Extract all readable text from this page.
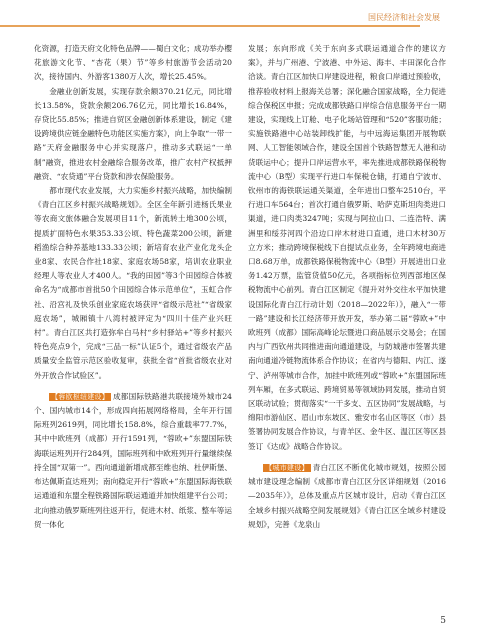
国民经济和社会发展

化资源，打造天府文化特色品牌——蜀白文化；成功举办樱花旅游文化节、“杏花（果）节”等乡村旅游节会活动20次，接待国内、外游客1380万人次，增长25.45%。

金融业创新发展，实现存款余额370.21亿元，同比增长13.58%，贷款余额206.76亿元，同比增长16.84%，存贷比55.85%；推进自贸区金融创新体系建设，制定《建设跨境供应链金融特色功能区实施方案》，向上争取“一带一路”天府金融服务中心并实现落户，推动多式联运“一单制”融资，推进农村金融综合服务改革，推广农村产权抵押融资、“农贷通”平台贷款和涉农保险服务。

都市现代农业发展，大力实施乡村振兴战略，加快编制《青白江区乡村振兴战略规划》。全区全年新引进杨氏果业等农商文旅体融合发展项目11个，新流转土地300公顷，提质扩面特色水果353.33公顷、特色蔬菜200公顷，新建稻渔综合种养基地133.33公顷；新培育农业产业化龙头企业8家、农民合作社18家、家庭农场58家，培训农业职业经理人等农业人才400人。“我的田园”等3个田园综合体被命名为“成都市首批50个田园综合体示范单位”，玉虹合作社、沿宫礼及快乐创业家庭农场获评“省级示范社”“省级家庭农场”，城厢镇十八湾村被评定为“四川十佳产业兴旺村”。青白江区共打造弥牟白马村“乡村驿站+”等乡村振兴特色亮点9个，完成“三品一标”认证5个，通过省级农产品质量安全监管示范区验收复审，获批全省“首批省级农业对外开放合作试验区”。

【蓉欧枢纽建设】 成都国际铁路港共联接境外城市24个、国内城市14个，形成四向拓展网络格局，全年开行国际班列2619列，同比增长158.8%，综合重载率77.7%，其中中欧班列（成都）开行1591列，“蓉欧+”东盟国际铁海联运班列开行284列，国际班列和中欧班列开行量继续保持全国“双第一”。西向通道新增成都至维也纳、杜伊斯堡、布达佩斯直达班列；南向稳定开行“蓉欧+”东盟国际海铁联运通道和东盟全程铁路国际联运通道并加快组建平台公司；北向推动俄罗斯班列往返开行，促进木材、纸浆、整车等运贸一体化

发展；东向形成《关于东向多式联运通道合作的建议方案》，并与广州港、宁波港、中外运、海丰、丰田深化合作洽谈。青白江区加快口岸建设进程，粮食口岸通过预验收，推荐验收材料上报海关总署；深化融合国家战略，全力促进综合保税区申报；完成成都铁路口岸综合信息服务平台一期建设，实现线上订舱、电子化场站管理和“520”客服功能；实施铁路港中心站装卸线扩能，与中远海运集团开展物联网、人工智能领域合作，建设全国首个铁路智慧无人港和动货联运中心；提升口岸运营水平，率先推进成都铁路保税物流中心（B型）实现平行进口车保税仓储，打通自宁波市、钦州市的海铁联运通关渠道，全年进出口整车2510台，平行进口车564台；首次打通自俄罗斯、哈萨克斯坦肉类进口渠道，进口肉类3247吨；实现与阿拉山口、二连浩特、满洲里和绥芬河四个沿边口岸木材进口直通，进口木材30万立方米；推动跨境保税线下自提试点业务，全年跨境电商进口8.68万单，成都铁路保税物流中心（B型）开展进出口业务1.42万票，监管货值50亿元，各项指标位列西部地区保税物流中心前列。青白江区制定《提升对外交往水平加快建设国际化青白江行动计划（2018—2022年）》，融入“一带一路”建设和长江经济带开放开发，举办第二届“蓉欧+”中欧班列（成都）国际高峰论坛暨进口商品展示交易会；在国内与广西钦州共同推进南向通道建设，与防城港市签署共建南向通道冷链物流体系合作协议；在省内与德阳、内江、遂宁、泸州等城市合作，加挂中欧班列或“蓉欧+”东盟国际班列车厢，在多式联运、跨境贸易等领域协同发展，推动自贸区联动试验；贯彻落实“一干多支、五区协同”发展战略，与绵阳市游仙区、眉山市东坡区、雅安市名山区等区（市）县签署协同发展合作协议，与青羊区、金牛区、温江区等区县签订《达成》战略合作协议。

【城市建设】 青白江区不断优化城市规划，按照公园城市建设理念编制《成都市青白江区分区详细规划（2016—2035年）》，总体及重点片区城市设计，启动《青白江区全域乡村振兴战略空间发展规划》《青白江区全域乡村建设规划》，完善《龙泉山

5
